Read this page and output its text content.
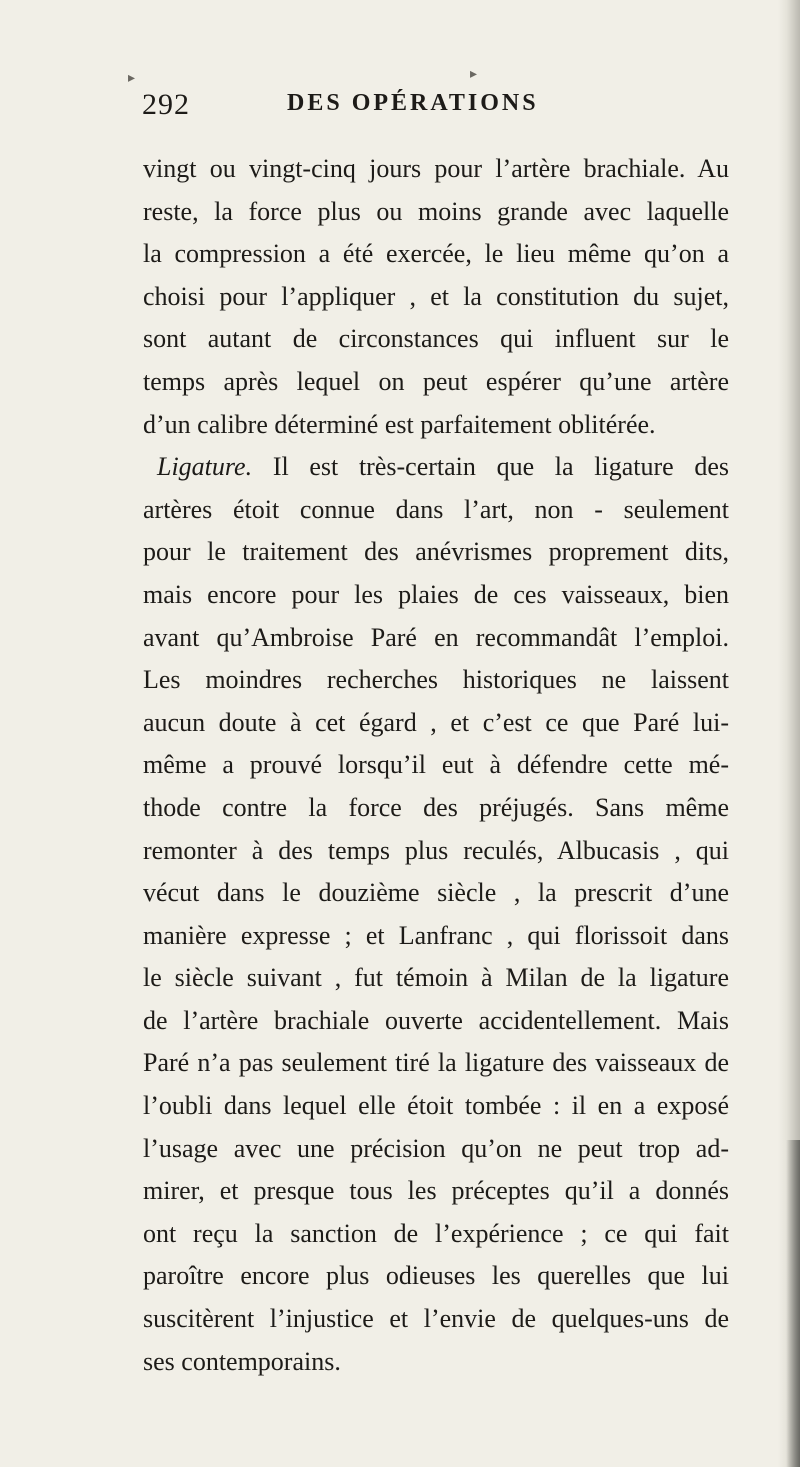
▸	▸
292	DES OPÉRATIONS
vingt ou vingt-cinq jours pour l’artère brachiale. Au
reste, la force plus ou moins grande avec laquelle
la compression a été exercée, le lieu même qu’on a
choisi pour l’appliquer , et la constitution du sujet,
sont autant de circonstances qui influent sur le
temps après lequel on peut espérer qu’une artère
d’un calibre déterminé est parfaitement oblitérée.
Ligature. Il est très-certain que la ligature des
artères étoit connue dans l’art, non - seulement
pour le traitement des anévrismes proprement dits,
mais encore pour les plaies de ces vaisseaux, bien
avant qu’Ambroise Paré en recommandât l’emploi.
Les moindres recherches historiques ne laissent
aucun doute à cet égard , et c’est ce que Paré lui-
même a prouvé lorsqu’il eut à défendre cette mé-
thode contre la force des préjugés. Sans même
remonter à des temps plus reculés, Albucasis , qui
vécut dans le douzième siècle , la prescrit d’une
manière expresse ; et Lanfranc , qui florissoit dans
le siècle suivant , fut témoin à Milan de la ligature
de l’artère brachiale ouverte accidentellement. Mais
Paré n’a pas seulement tiré la ligature des vaisseaux de
l’oubli dans lequel elle étoit tombée : il en a exposé
l’usage avec une précision qu’on ne peut trop ad-
mirer, et presque tous les préceptes qu’il a donnés
ont reçu la sanction de l’expérience ; ce qui fait
paroître encore plus odieuses les querelles que lui
suscitèrent l’injustice et l’envie de quelques-uns de
ses contemporains.
